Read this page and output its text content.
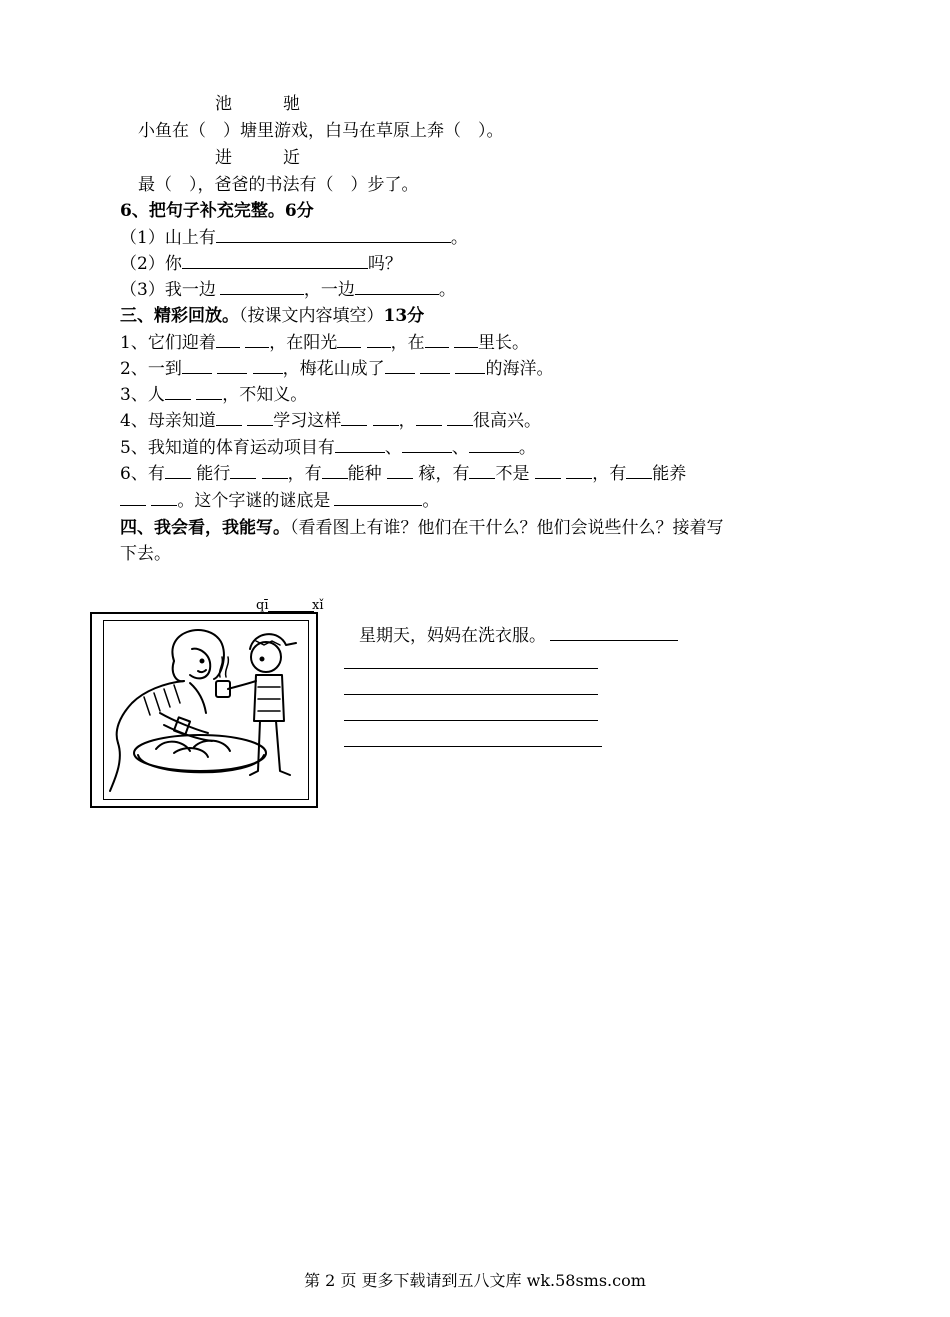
池　　　驰
小鱼在（　）塘里游戏，白马在草原上奔（　）。
进　　　近
最（　），爸爸的书法有（　）步了。
6、把句子补充完整。6分
（1）山上有	。
（2）你	吗？
（3）我一边	，一边	。
三、精彩回放。（按课文内容填空）13分
1、它们迎着	，在阳光	，在	里长。
2、一到	，梅花山成了	的海洋。
3、人	，不知义。
4、母亲知道	学习这样	，	很高兴。
5、我知道的体育运动项目有	、	、	。
6、有 能行	，有 能种 稼，有 不是	，有 能养
。这个字谜的谜底是	。
四、我会看，我能写。（看看图上有谁？他们在干什么？他们会说些什么？接着写
下去。
qī	xǐ
星期天，妈妈在洗衣服。
第 2 页 更多下载请到五八文库 wk.58sms.com
